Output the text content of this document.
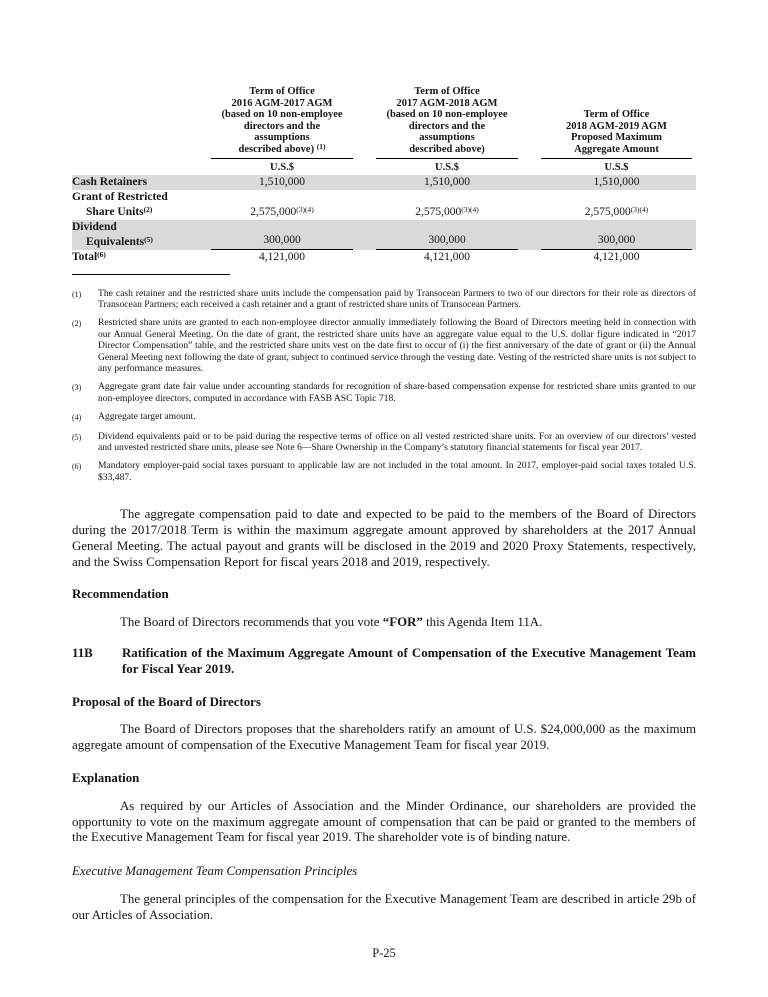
Term of Office
2016 AGM-2017 AGM
(based on 10 non-employee
directors and the
assumptions
described above) $^{(1)}$
Term of Office
2017 AGM-2018 AGM
(based on 10 non-employee
directors and the
assumptions
described above)
Term of Office
2018 AGM-2019 AGM
Proposed Maximum
Aggregate Amount
U.S.$	U.S.$	U.S.$
Cash Retainers	1,510,000	1,510,000	1,510,000
Grant of Restricted
Share Units$^{(2)}$	$2,575,000^{(3)(4)}$	$2,575,000^{(3)(4)}$	$2,575,000^{(3)(4)}$
Dividend
Equivalents$^{(5)}$	300,000	300,000	300,000
Total$^{(6)}$	4,121,000	4,121,000	4,121,000
(1)	The cash retainer and the restricted share units include the compensation paid by Transocean Partners to two of our directors for their role as directors of Transocean Partners; each received a cash retainer and a grant of restricted share units of Transocean Partners.
(2)	Restricted share units are granted to each non-employee director annually immediately following the Board of Directors meeting held in connection with our Annual General Meeting. On the date of grant, the restricted share units have an aggregate value equal to the U.S. dollar figure indicated in “2017 Director Compensation” table, and the restricted share units vest on the date first to occur of (i) the first anniversary of the date of grant or (ii) the Annual General Meeting next following the date of grant, subject to continued service through the vesting date. Vesting of the restricted share units is not subject to any performance measures.
(3)	Aggregate grant date fair value under accounting standards for recognition of share-based compensation expense for restricted share units granted to our non-employee directors, computed in accordance with FASB ASC Topic 718.
(4)	Aggregate target amount.
(5)	Dividend equivalents paid or to be paid during the respective terms of office on all vested restricted share units. For an overview of our directors’ vested and unvested restricted share units, please see Note 6—Share Ownership in the Company’s statutory financial statements for fiscal year 2017.
(6)	Mandatory employer-paid social taxes pursuant to applicable law are not included in the total amount. In 2017, employer-paid social taxes totaled U.S. $33,487.

The aggregate compensation paid to date and expected to be paid to the members of the Board of Directors during the 2017/2018 Term is within the maximum aggregate amount approved by shareholders at the 2017 Annual General Meeting. The actual payout and grants will be disclosed in the 2019 and 2020 Proxy Statements, respectively, and the Swiss Compensation Report for fiscal years 2018 and 2019, respectively.

Recommendation

The Board of Directors recommends that you vote “FOR” this Agenda Item 11A.

11B	Ratification of the Maximum Aggregate Amount of Compensation of the Executive Management Team for Fiscal Year 2019.

Proposal of the Board of Directors

The Board of Directors proposes that the shareholders ratify an amount of U.S. $24,000,000 as the maximum aggregate amount of compensation of the Executive Management Team for fiscal year 2019.

Explanation

As required by our Articles of Association and the Minder Ordinance, our shareholders are provided the opportunity to vote on the maximum aggregate amount of compensation that can be paid or granted to the members of the Executive Management Team for fiscal year 2019. The shareholder vote is of binding nature.

Executive Management Team Compensation Principles

The general principles of the compensation for the Executive Management Team are described in article 29b of our Articles of Association.

P-25
